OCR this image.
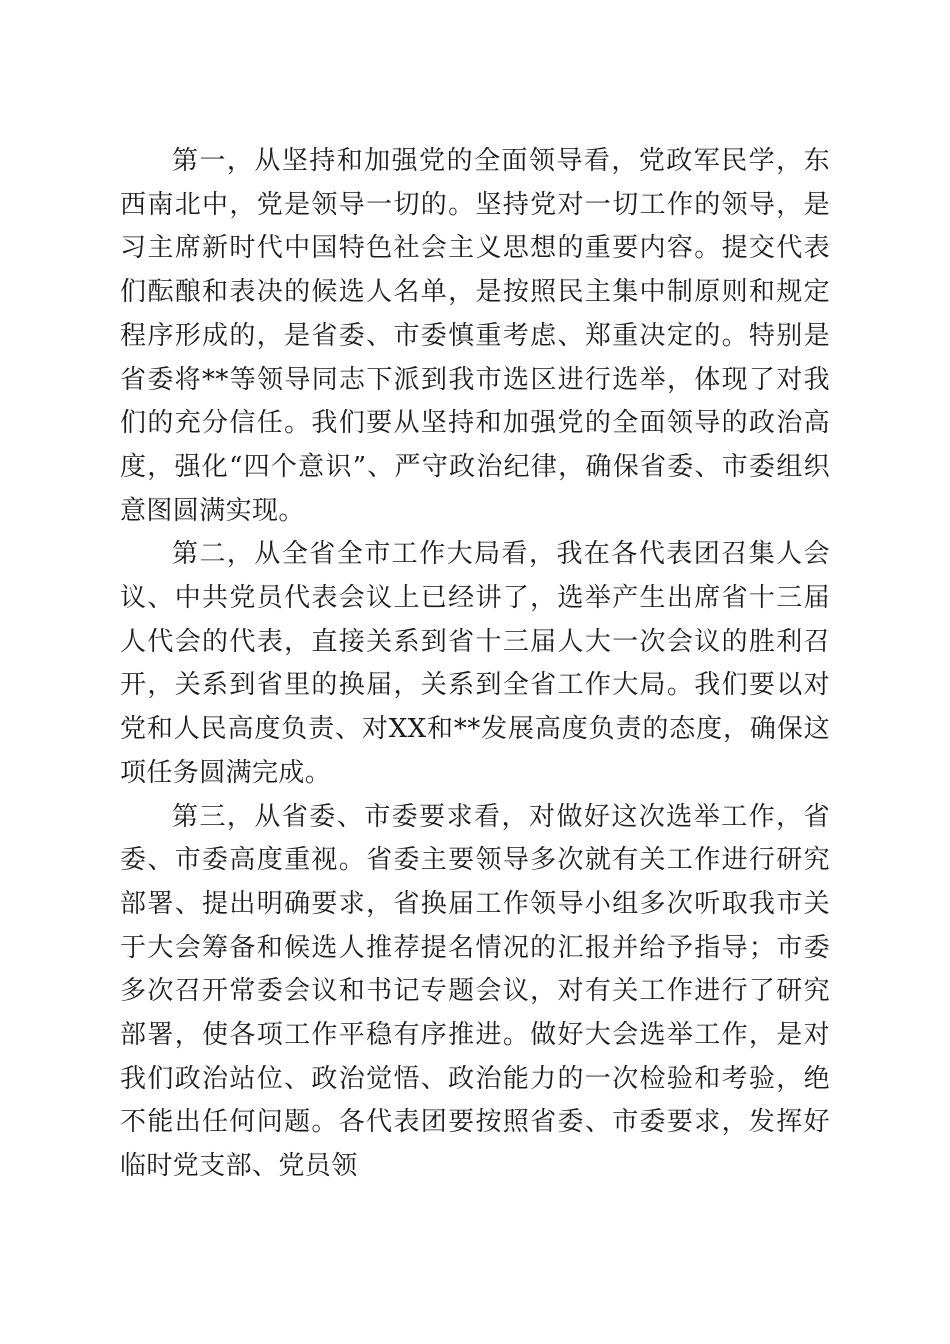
第一，从坚持和加强党的全面领导看，党政军民学，东西南北中，党是领导一切的。坚持党对一切工作的领导，是习主席新时代中国特色社会主义思想的重要内容。提交代表们酝酿和表决的候选人名单，是按照民主集中制原则和规定程序形成的，是省委、市委慎重考虑、郑重决定的。特别是省委将**等领导同志下派到我市选区进行选举，体现了对我们的充分信任。我们要从坚持和加强党的全面领导的政治高度，强化“四个意识”、严守政治纪律，确保省委、市委组织意图圆满实现。

第二，从全省全市工作大局看，我在各代表团召集人会议、中共党员代表会议上已经讲了，选举产生出席省十三届人代会的代表，直接关系到省十三届人大一次会议的胜利召开，关系到省里的换届，关系到全省工作大局。我们要以对党和人民高度负责、对XX和**发展高度负责的态度，确保这项任务圆满完成。

第三，从省委、市委要求看，对做好这次选举工作，省委、市委高度重视。省委主要领导多次就有关工作进行研究部署、提出明确要求，省换届工作领导小组多次听取我市关于大会筹备和候选人推荐提名情况的汇报并给予指导；市委多次召开常委会议和书记专题会议，对有关工作进行了研究部署，使各项工作平稳有序推进。做好大会选举工作，是对我们政治站位、政治觉悟、政治能力的一次检验和考验，绝不能出任何问题。各代表团要按照省委、市委要求，发挥好临时党支部、党员领
